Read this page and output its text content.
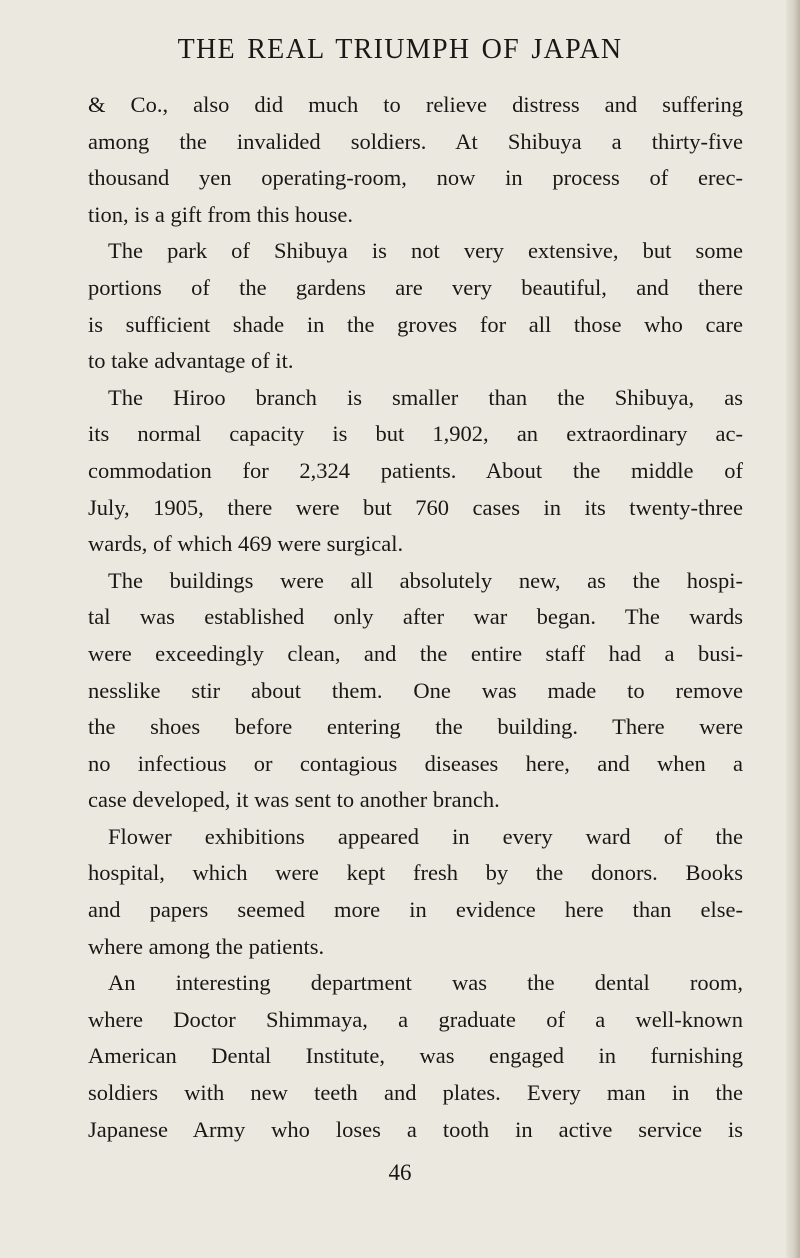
THE REAL TRIUMPH OF JAPAN
& Co., also did much to relieve distress and suffering
among the invalided soldiers. At Shibuya a thirty-five
thousand yen operating-room, now in process of erec-
tion, is a gift from this house.
The park of Shibuya is not very extensive, but some
portions of the gardens are very beautiful, and there
is sufficient shade in the groves for all those who care
to take advantage of it.
The Hiroo branch is smaller than the Shibuya, as
its normal capacity is but 1,902, an extraordinary ac-
commodation for 2,324 patients. About the middle of
July, 1905, there were but 760 cases in its twenty-three
wards, of which 469 were surgical.
The buildings were all absolutely new, as the hospi-
tal was established only after war began. The wards
were exceedingly clean, and the entire staff had a busi-
nesslike stir about them. One was made to remove
the shoes before entering the building. There were
no infectious or contagious diseases here, and when a
case developed, it was sent to another branch.
Flower exhibitions appeared in every ward of the
hospital, which were kept fresh by the donors. Books
and papers seemed more in evidence here than else-
where among the patients.
An interesting department was the dental room,
where Doctor Shimmaya, a graduate of a well-known
American Dental Institute, was engaged in furnishing
soldiers with new teeth and plates. Every man in the
Japanese Army who loses a tooth in active service is
46
